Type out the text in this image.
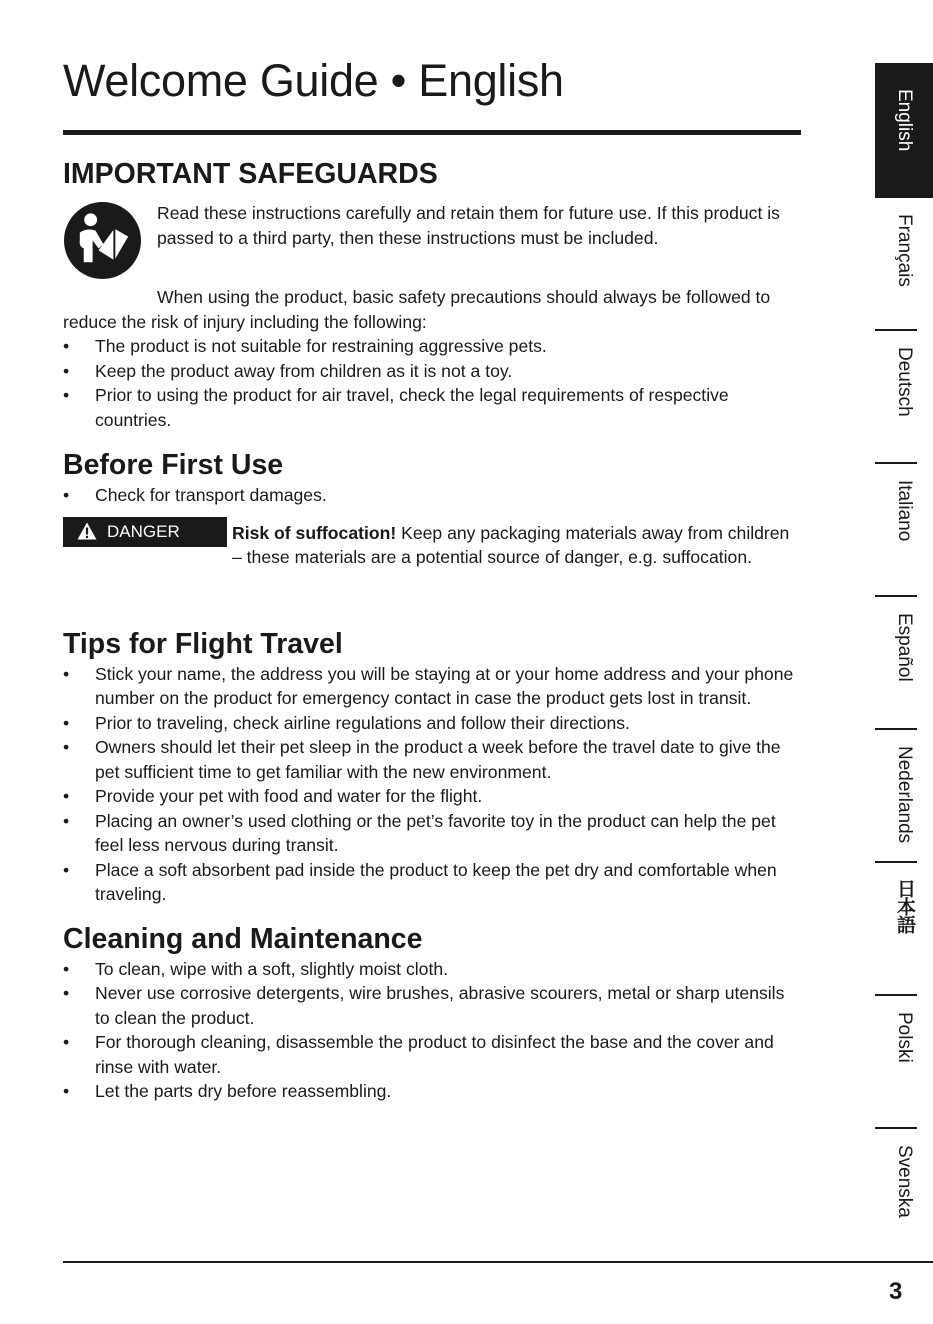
Welcome Guide • English
IMPORTANT SAFEGUARDS

Read these instructions carefully and retain them for future use. If this product is passed to a third party, then these instructions must be included.

When using the product, basic safety precautions should always be followed to reduce the risk of injury including the following:

• The product is not suitable for restraining aggressive pets.
• Keep the product away from children as it is not a toy.
• Prior to using the product for air travel, check the legal requirements of respective countries.
Before First Use
• Check for transport damages.
DANGER	Risk of suffocation! Keep any packaging materials away from children – these materials are a potential source of danger, e.g. suffocation.

Tips for Flight Travel
• Stick your name, the address you will be staying at or your home address and your phone number on the product for emergency contact in case the product gets lost in transit.
• Prior to traveling, check airline regulations and follow their directions.
• Owners should let their pet sleep in the product a week before the travel date to give the pet sufficient time to get familiar with the new environment.
• Provide your pet with food and water for the flight.
• Placing an owner’s used clothing or the pet’s favorite toy in the product can help the pet feel less nervous during transit.
• Place a soft absorbent pad inside the product to keep the pet dry and comfortable when traveling.
Cleaning and Maintenance
• To clean, wipe with a soft, slightly moist cloth.
• Never use corrosive detergents, wire brushes, abrasive scourers, metal or sharp utensils to clean the product.
• For thorough cleaning, disassemble the product to disinfect the base and the cover and rinse with water.
• Let the parts dry before reassembling.
English
Français
Deutsch
Italiano
Español
Nederlands
日本語
Polski
Svenska
3
